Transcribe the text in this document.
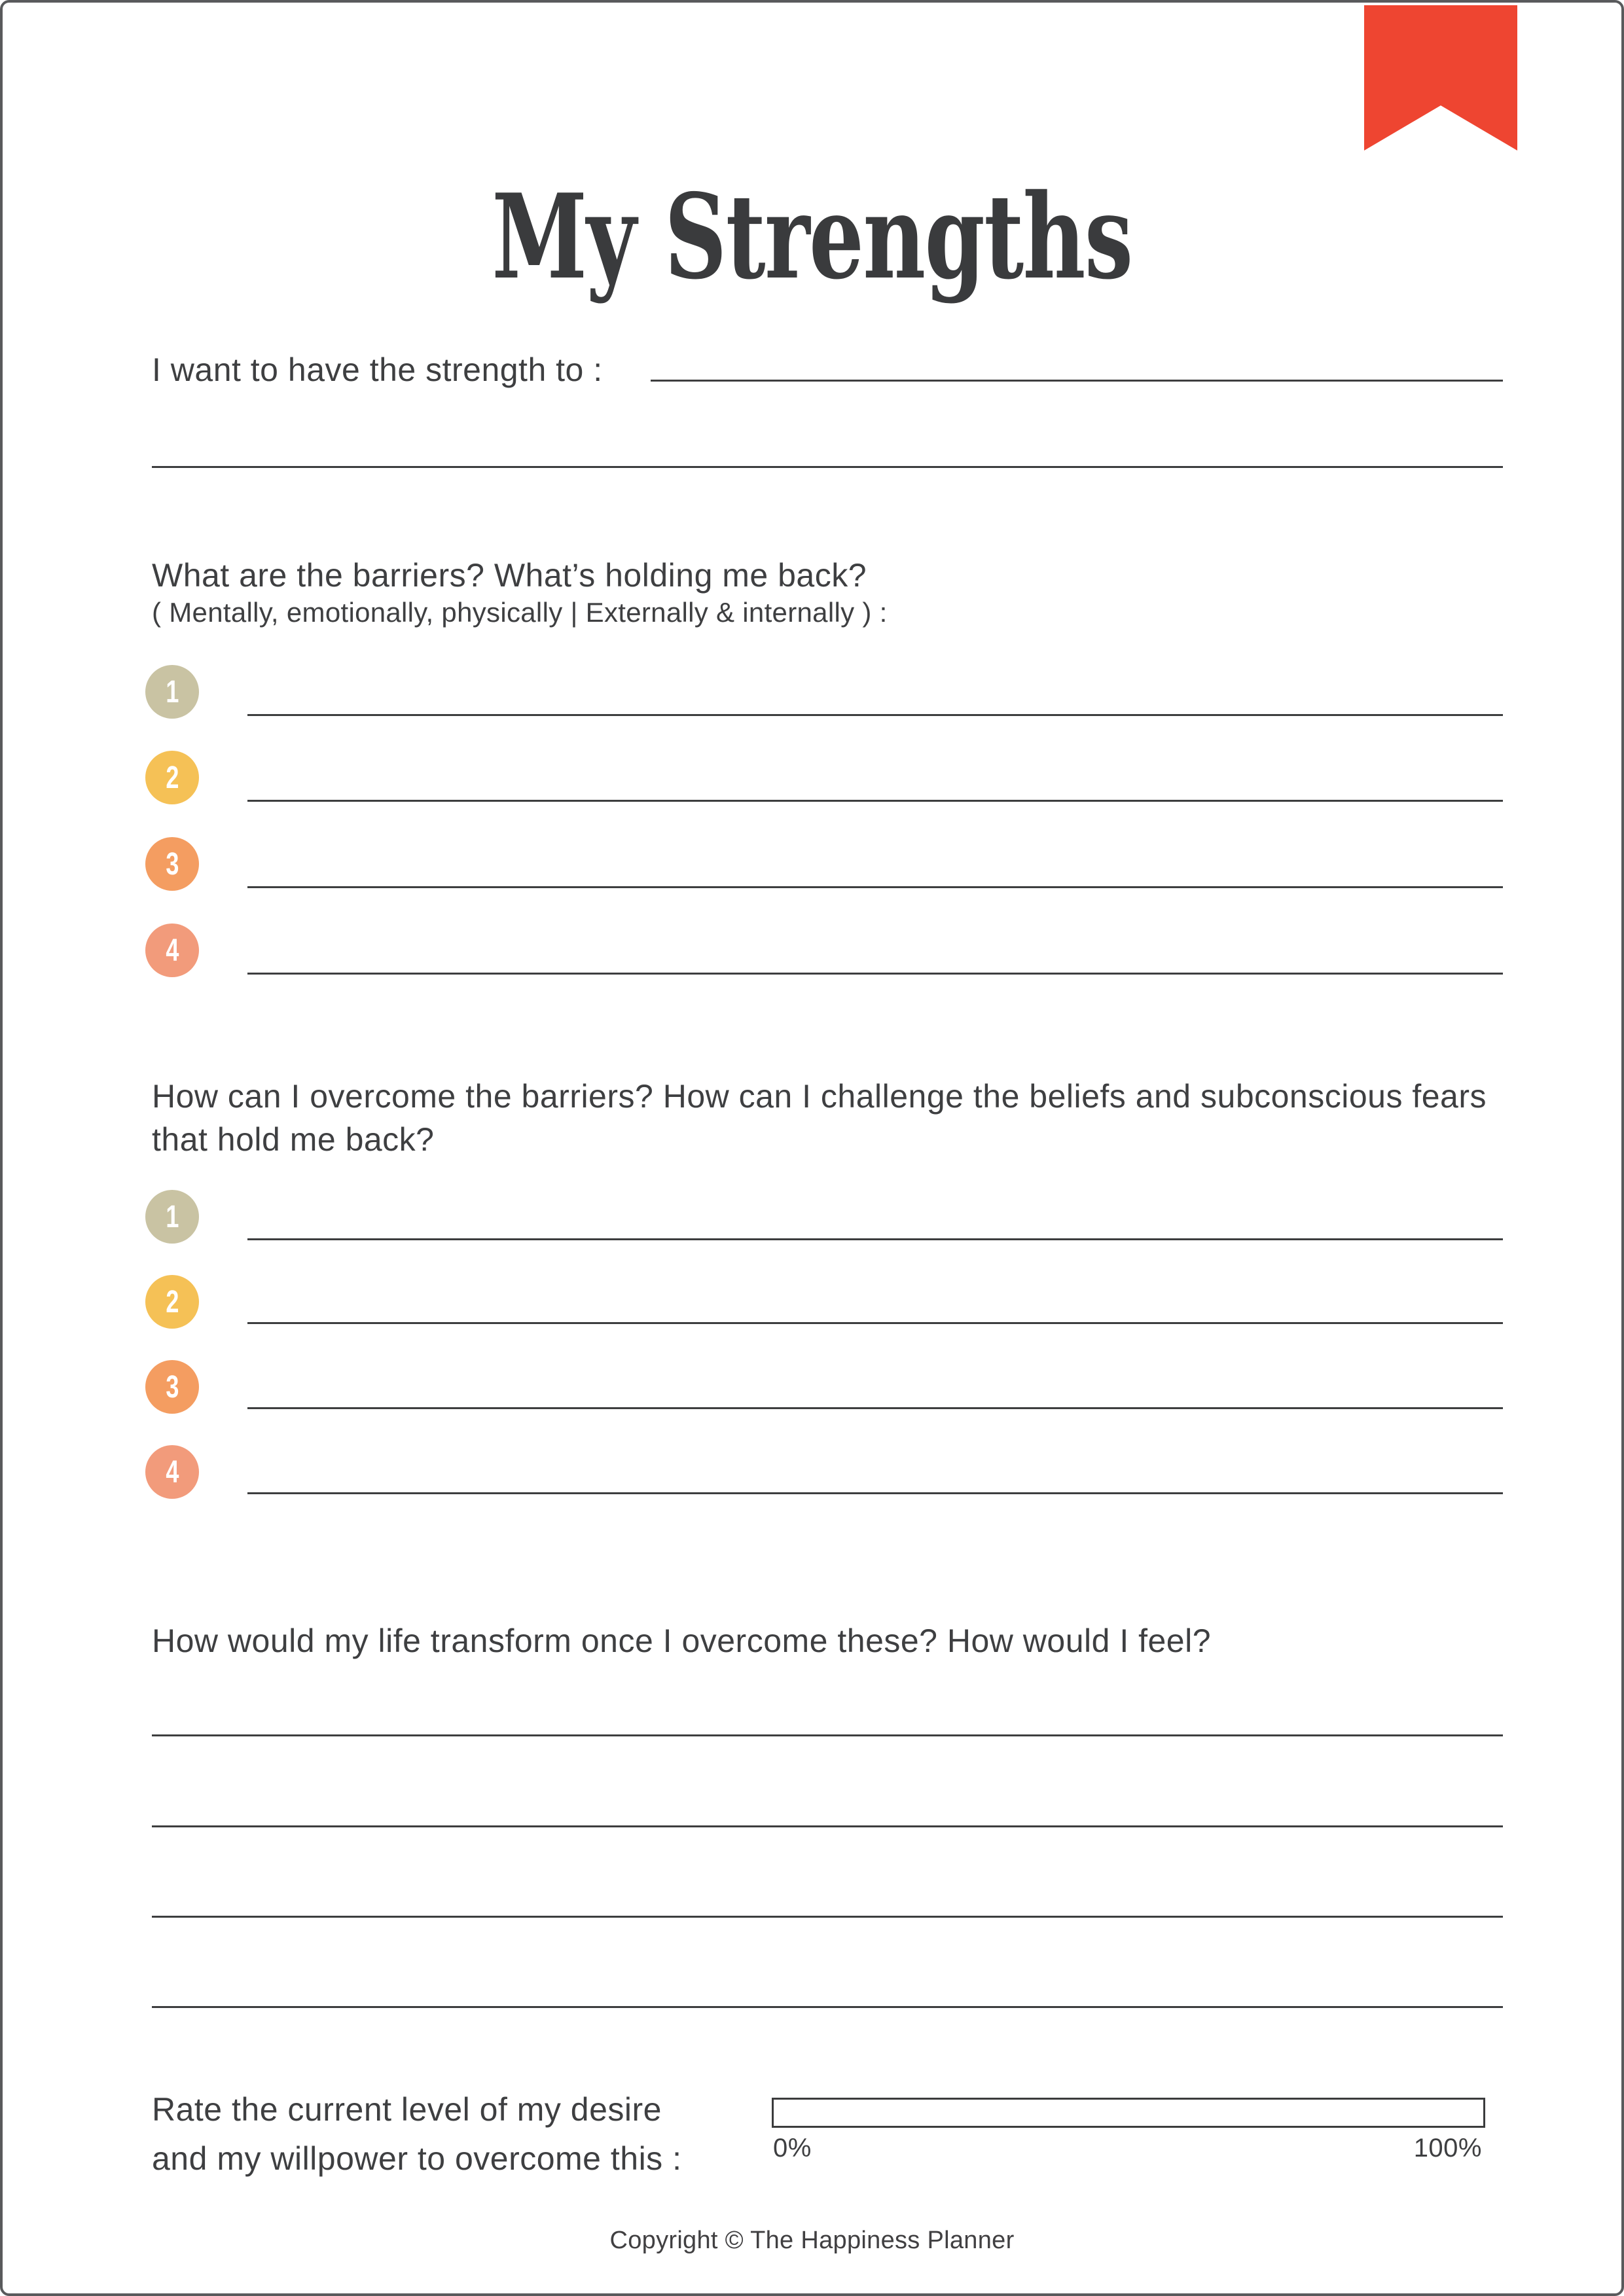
My Strengths
I want to have the strength to :
What are the barriers? What’s holding me back?
( Mentally, emotionally, physically | Externally & internally ) :
1
2
3
4
How can I overcome the barriers? How can I challenge the beliefs and subconscious fears that hold me back?
1
2
3
4
How would my life transform once I overcome these? How would I feel?
Rate the current level of my desire
and my willpower to overcome this :	0%	100%
Copyright © The Happiness Planner
